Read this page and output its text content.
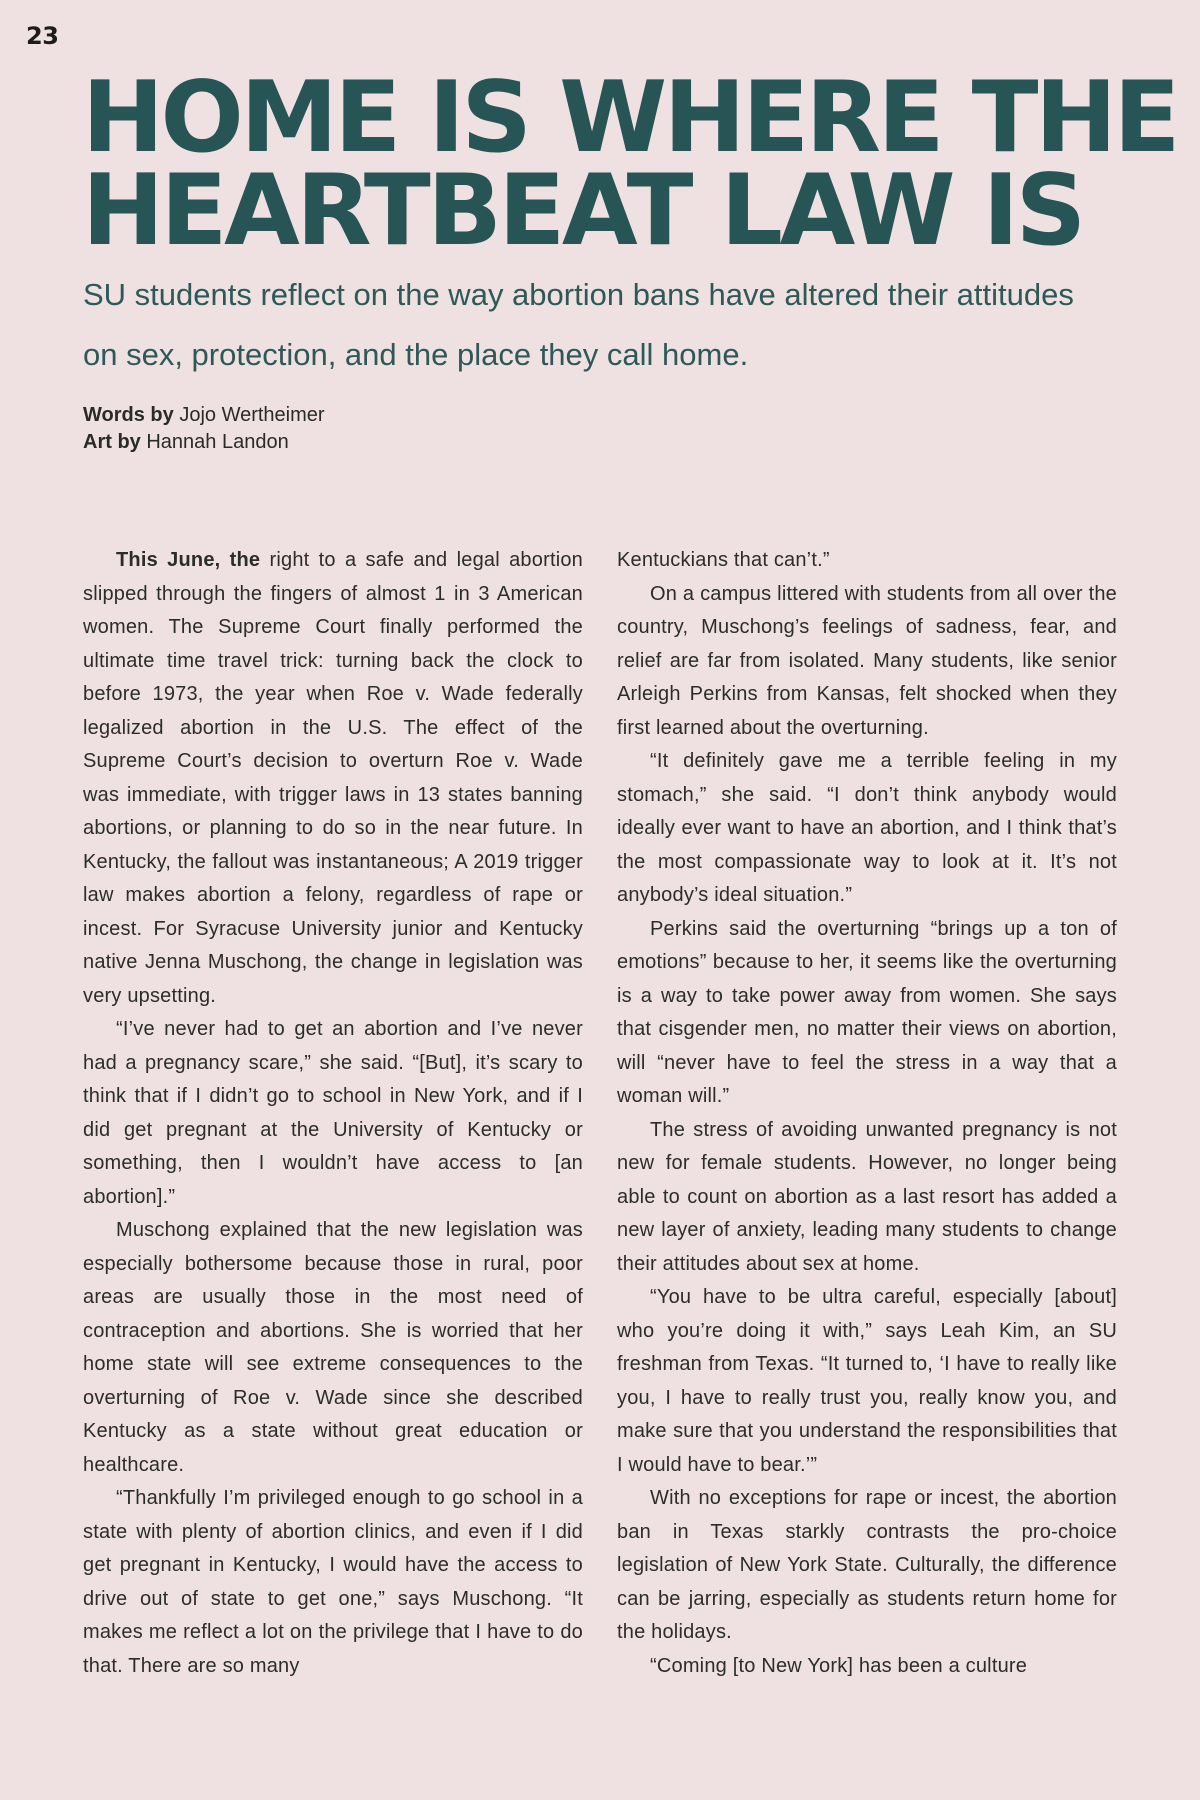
23
HOME IS WHERE THE
HEARTBEAT LAW IS

SU students reflect on the way abortion bans have altered their attitudes on sex, protection, and the place they call home.

Words by Jojo Wertheimer
Art by Hannah Landon

This June, the right to a safe and legal abortion slipped through the fingers of almost 1 in 3 American women. The Supreme Court finally performed the ultimate time travel trick: turning back the clock to before 1973, the year when Roe v. Wade federally legalized abortion in the U.S. The effect of the Supreme Court’s decision to overturn Roe v. Wade was immediate, with trigger laws in 13 states banning abortions, or planning to do so in the near future. In Kentucky, the fallout was instantaneous; A 2019 trigger law makes abortion a felony, regardless of rape or incest. For Syracuse University junior and Kentucky native Jenna Muschong, the change in legislation was very upsetting.

“I’ve never had to get an abortion and I’ve never had a pregnancy scare,” she said. “[But], it’s scary to think that if I didn’t go to school in New York, and if I did get pregnant at the University of Kentucky or something, then I wouldn’t have access to [an abortion].”

Muschong explained that the new legislation was especially bothersome because those in rural, poor areas are usually those in the most need of contraception and abortions. She is worried that her home state will see extreme consequences to the overturning of Roe v. Wade since she described Kentucky as a state without great education or healthcare.

“Thankfully I’m privileged enough to go school in a state with plenty of abortion clinics, and even if I did get pregnant in Kentucky, I would have the access to drive out of state to get one,” says Muschong. “It makes me reflect a lot on the privilege that I have to do that. There are so many

Kentuckians that can’t.”

On a campus littered with students from all over the country, Muschong’s feelings of sadness, fear, and relief are far from isolated. Many students, like senior Arleigh Perkins from Kansas, felt shocked when they first learned about the overturning.

“It definitely gave me a terrible feeling in my stomach,” she said. “I don’t think anybody would ideally ever want to have an abortion, and I think that’s the most compassionate way to look at it. It’s not anybody’s ideal situation.”

Perkins said the overturning “brings up a ton of emotions” because to her, it seems like the overturning is a way to take power away from women. She says that cisgender men, no matter their views on abortion, will “never have to feel the stress in a way that a woman will.”

The stress of avoiding unwanted pregnancy is not new for female students. However, no longer being able to count on abortion as a last resort has added a new layer of anxiety, leading many students to change their attitudes about sex at home.

“You have to be ultra careful, especially [about] who you’re doing it with,” says Leah Kim, an SU freshman from Texas. “It turned to, ‘I have to really like you, I have to really trust you, really know you, and make sure that you understand the responsibilities that I would have to bear.’”

With no exceptions for rape or incest, the abortion ban in Texas starkly contrasts the pro-choice legislation of New York State. Culturally, the difference can be jarring, especially as students return home for the holidays.

“Coming [to New York] has been a culture
